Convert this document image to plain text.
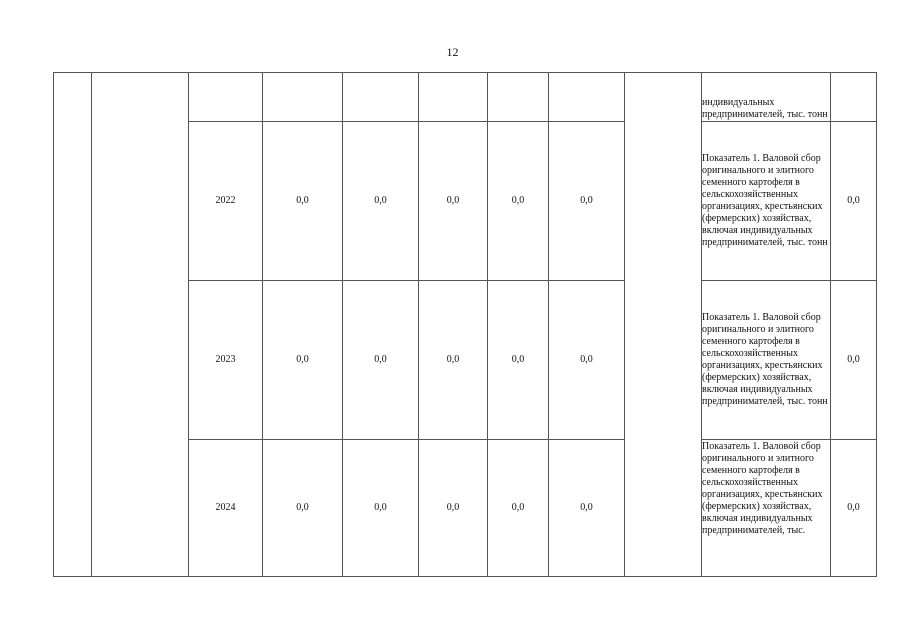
12

									индивидуальных предпринимателей, тыс. тонн	

		2022	0,0	0,0	0,0	0,0	0,0		Показатель 1. Валовой сбор оригинального и элитного семенного картофеля в сельскохозяйственных организациях, крестьянских (фермерских) хозяйствах, включая индивидуальных предпринимателей, тыс. тонн	0,0
		2023	0,0	0,0	0,0	0,0	0,0		Показатель 1. Валовой сбор оригинального и элитного семенного картофеля в сельскохозяйственных организациях, крестьянских (фермерских) хозяйствах, включая индивидуальных предпринимателей, тыс. тонн	0,0
		2024	0,0	0,0	0,0	0,0	0,0		Показатель 1. Валовой сбор оригинального и элитного семенного картофеля в сельскохозяйственных организациях, крестьянских (фермерских) хозяйствах, включая индивидуальных предпринимателей, тыс.	0,0
